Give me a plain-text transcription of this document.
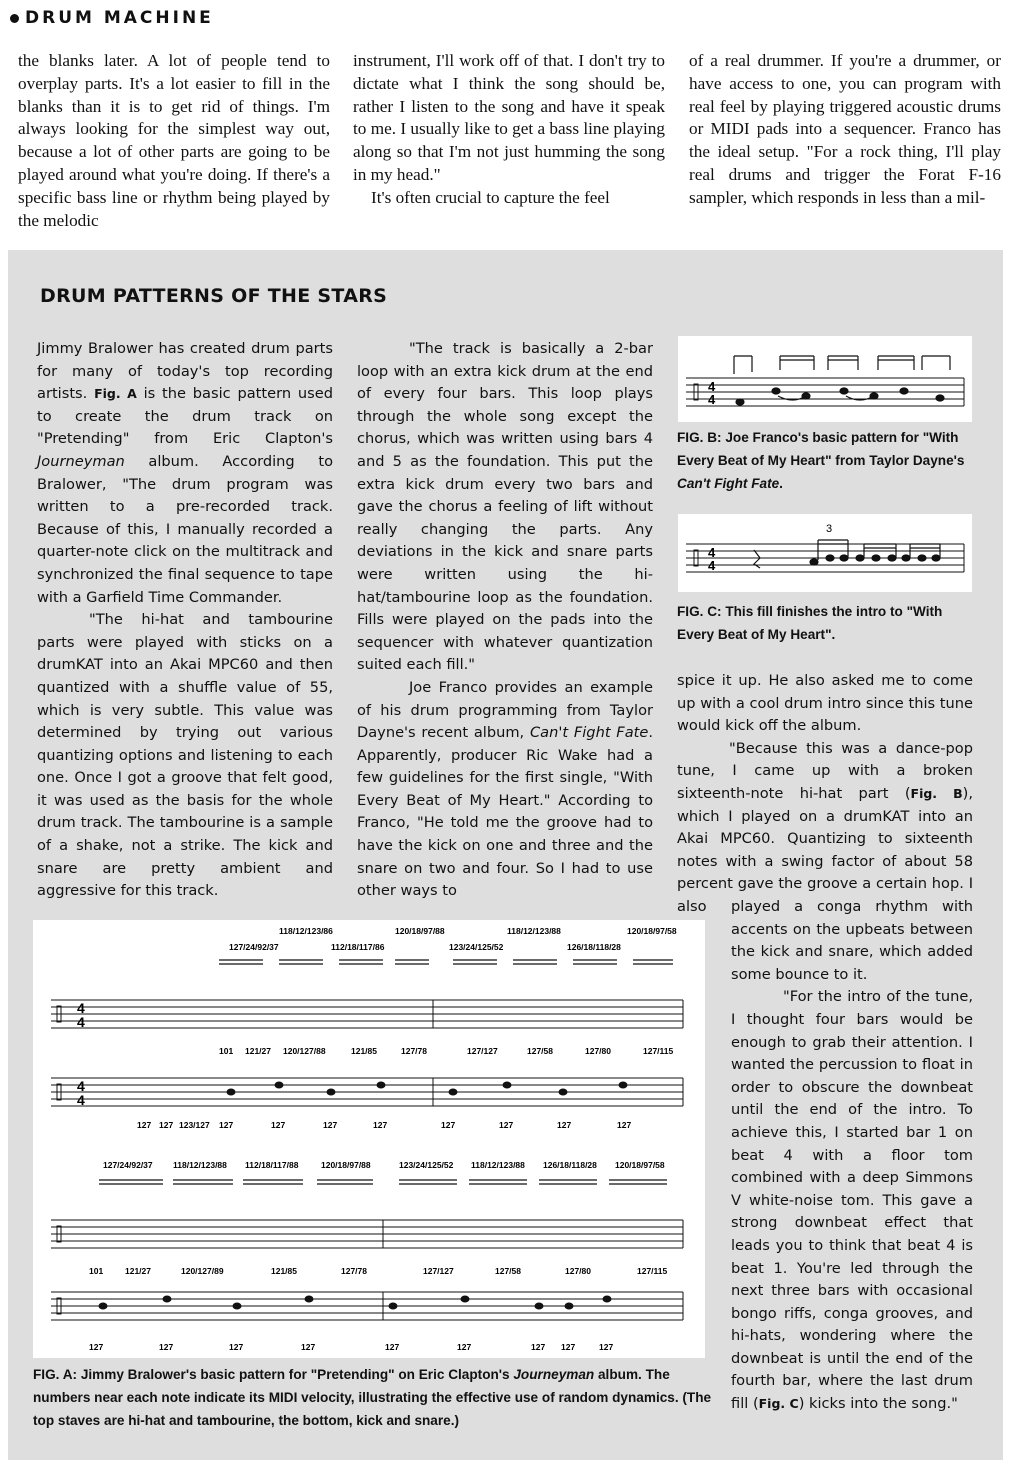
DRUM MACHINE

the blanks later. A lot of people tend to overplay parts. It's a lot easier to fill in the blanks than it is to get rid of things. I'm always looking for the simplest way out, because a lot of other parts are going to be played around what you're doing. If there's a specific bass line or rhythm being played by the melodic

instrument, I'll work off of that. I don't try to dictate what I think the song should be, rather I listen to the song and have it speak to me. I usually like to get a bass line playing along so that I'm not just humming the song in my head."

It's often crucial to capture the feel

of a real drummer. If you're a drummer, or have access to one, you can program with real feel by playing triggered acoustic drums or MIDI pads into a sequencer. Franco has the ideal setup. "For a rock thing, I'll play real drums and trigger the Forat F-16 sampler, which responds in less than a mil-

DRUM PATTERNS OF THE STARS

Jimmy Bralower has created drum parts for many of today's top recording artists. Fig. A is the basic pattern used to create the drum track on "Pretending" from Eric Clapton's Journeyman album. According to Bralower, "The drum program was written to a pre-recorded track. Because of this, I manually recorded a quarter-note click on the multitrack and synchronized the final sequence to tape with a Garfield Time Commander.

"The hi-hat and tambourine parts were played with sticks on a drumKAT into an Akai MPC60 and then quantized with a shuffle value of 55, which is very subtle. This value was determined by trying out various quantizing options and listening to each one. Once I got a groove that felt good, it was used as the basis for the whole drum track. The tambourine is a sample of a shake, not a strike. The kick and snare are pretty ambient and aggressive for this track.

"The track is basically a 2-bar loop with an extra kick drum at the end of every four bars. This loop plays through the whole song except the chorus, which was written using bars 4 and 5 as the foundation. This put the extra kick drum every two bars and gave the chorus a feeling of lift without really changing the parts. Any deviations in the kick and snare parts were written using the hi-hat/tambourine loop as the foundation. Fills were played on the pads into the sequencer with whatever quantization suited each fill."

Joe Franco provides an example of his drum programming from Taylor Dayne's recent album, Can't Fight Fate. Apparently, producer Ric Wake had a few guidelines for the first single, "With Every Beat of My Heart." According to Franco, "He told me the groove had to have the kick on one and three and the snare on two and four. So I had to use other ways to

spice it up. He also asked me to come up with a cool drum intro since this tune would kick off the album.

"Because this was a dance-pop tune, I came up with a broken sixteenth-note hi-hat part (Fig. B), which I played on a drumKAT into an Akai MPC60. Quantizing to sixteenth notes with a swing factor of about 58 percent gave the groove a certain hop. I also	played a conga rhythm with accents on the upbeats between the kick and snare, which added some bounce to it.

"For the intro of the tune, I thought four bars would be enough to grab their attention. I wanted the percussion to float in order to obscure the downbeat until the end of the intro. To achieve this, I started bar 1 on beat 4 with a floor tom combined with a deep Simmons V white-noise tom. This gave a strong downbeat effect that leads you to think that beat 4 is beat 1. You're led through the next three bars with occasional bongo riffs, conga grooves, and hi-hats, wondering where the downbeat is until the end of the fourth bar, where the last drum fill (Fig. C) kicks into the song."

4
4
FIG. B: Joe Franco's basic pattern for "With Every Beat of My Heart" from Taylor Dayne's Can't Fight Fate.
4
4
3
FIG. C: This fill finishes the intro to "With Every Beat of My Heart".
4
4
4
4
127/24/92/37
118/12/123/86
112/18/117/86
120/18/97/88
123/24/125/52
118/12/123/88
126/18/118/28
120/18/97/58
101 121/27 120/127/88	121/85	127/78	127/127	127/58	127/80	127/115
127 127 123/127 127	127	127	127	127	127	127	127
127/24/92/37 118/12/123/88 112/18/117/88	120/18/97/88	123/24/125/52 118/12/123/88 126/18/118/28 120/18/97/58
101	121/27	120/127/89	121/85	127/78	127/127	127/58	127/80	127/115
127	127	127	127	127	127	127 127	127
FIG. A: Jimmy Bralower's basic pattern for "Pretending" on Eric Clapton's Journeyman album. The numbers near each note indicate its MIDI velocity, illustrating the effective use of random dynamics. (The top staves are hi-hat and tambourine, the bottom, kick and snare.)
